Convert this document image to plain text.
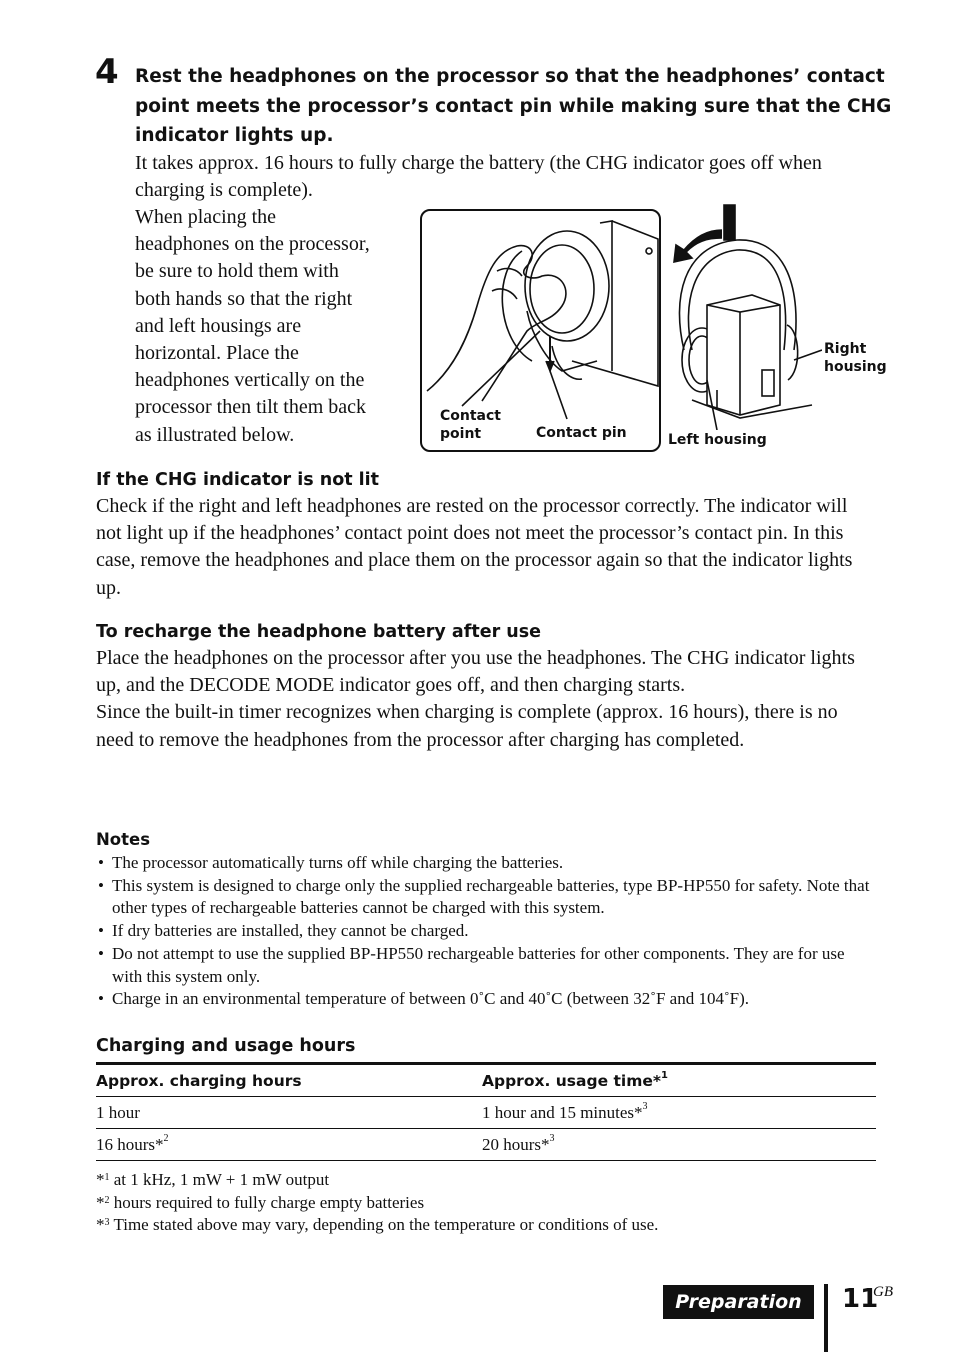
4 Rest the headphones on the processor so that the headphones’ contact point meets the processor’s contact pin while making sure that the CHG indicator lights up.
It takes approx. 16 hours to fully charge the battery (the CHG indicator goes off when charging is complete).
When placing the
headphones on the processor,
be sure to hold them with
both hands so that the right
and left housings are
horizontal. Place the
headphones vertically on the
processor then tilt them back
as illustrated below.
Contact
point	Contact pin
Right
housing
Left housing
If the CHG indicator is not lit
Check if the right and left headphones are rested on the processor correctly. The indicator will not light up if the headphones’ contact point does not meet the processor’s contact pin. In this case, remove the headphones and place them on the processor again so that the indicator lights up.
To recharge the headphone battery after use
Place the headphones on the processor after you use the headphones. The CHG indicator lights up, and the DECODE MODE indicator goes off, and then charging starts.
Since the built-in timer recognizes when charging is complete (approx. 16 hours), there is no need to remove the headphones from the processor after charging has completed.
Notes
• The processor automatically turns off while charging the batteries.
• This system is designed to charge only the supplied rechargeable batteries, type BP-HP550 for safety. Note that other types of rechargeable batteries cannot be charged with this system.
• If dry batteries are installed, they cannot be charged.
• Do not attempt to use the supplied BP-HP550 rechargeable batteries for other components. They are for use with this system only.
• Charge in an environmental temperature of between 0˚C and 40˚C (between 32˚F and 104˚F).
Charging and usage hours
Approx. charging hours	Approx. usage time*$^1$
1 hour	1 hour and 15 minutes*$^3$
16 hours*$^2$	20 hours*$^3$
*$^1$ at 1 kHz, 1 mW + 1 mW output
*$^2$ hours required to fully charge empty batteries
*$^3$ Time stated above may vary, depending on the temperature or conditions of use.
Preparation	11
GB
